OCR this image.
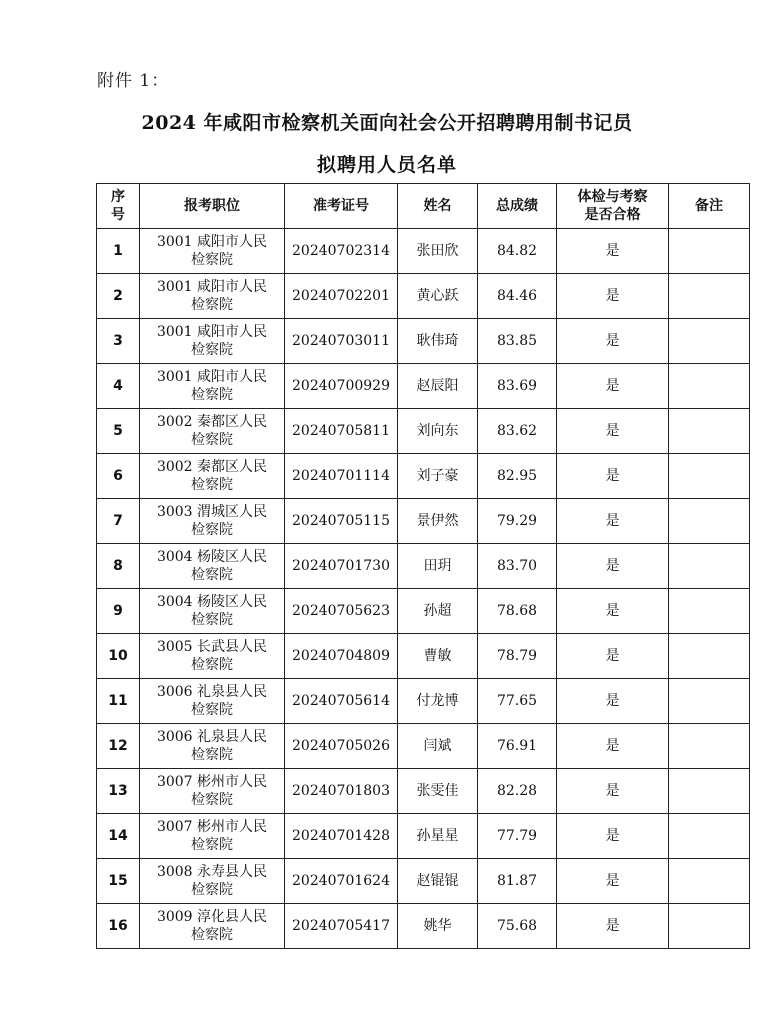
附件 1：
2024 年咸阳市检察机关面向社会公开招聘聘用制书记员
拟聘用人员名单
序号	报考职位	准考证号	姓名	总成绩	体检与考察是否合格	备注
1	3001 咸阳市人民检察院	20240702314	张田欣	84.82	是	
2	3001 咸阳市人民检察院	20240702201	黄心跃	84.46	是	
3	3001 咸阳市人民检察院	20240703011	耿伟琦	83.85	是	
4	3001 咸阳市人民检察院	20240700929	赵辰阳	83.69	是	
5	3002 秦都区人民检察院	20240705811	刘向东	83.62	是	
6	3002 秦都区人民检察院	20240701114	刘子豪	82.95	是	
7	3003 渭城区人民检察院	20240705115	景伊然	79.29	是	
8	3004 杨陵区人民检察院	20240701730	田玥	83.70	是	
9	3004 杨陵区人民检察院	20240705623	孙超	78.68	是	
10	3005 长武县人民检察院	20240704809	曹敏	78.79	是	
11	3006 礼泉县人民检察院	20240705614	付龙博	77.65	是	
12	3006 礼泉县人民检察院	20240705026	闫斌	76.91	是	
13	3007 彬州市人民检察院	20240701803	张雯佳	82.28	是	
14	3007 彬州市人民检察院	20240701428	孙星星	77.79	是	
15	3008 永寿县人民检察院	20240701624	赵锟锟	81.87	是	
16	3009 淳化县人民检察院	20240705417	姚华	75.68	是	
